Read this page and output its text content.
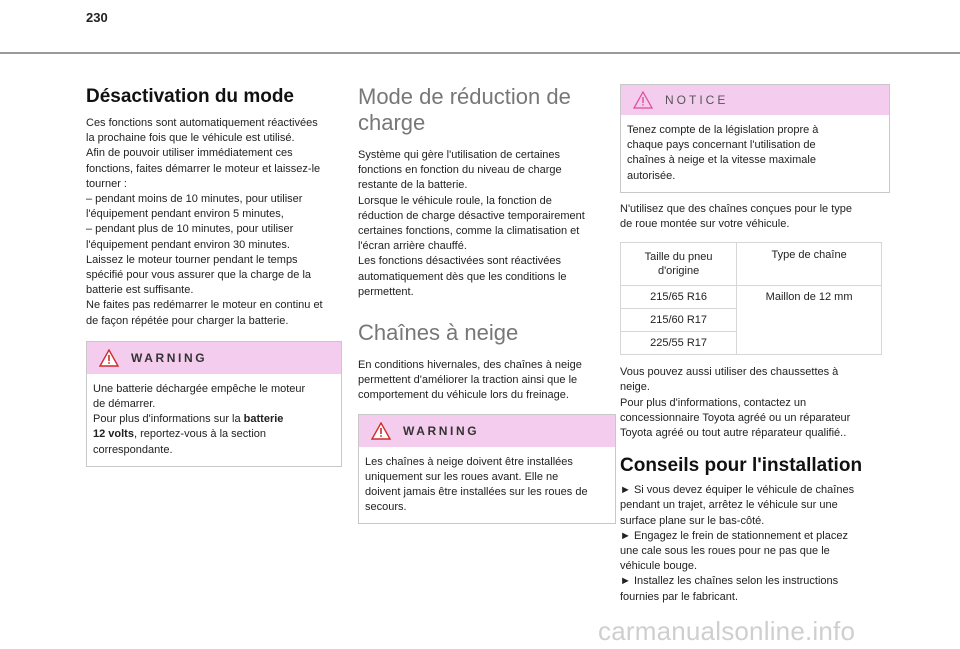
230
Désactivation du mode
Ces fonctions sont automatiquement réactivées
la prochaine fois que le véhicule est utilisé.
Afin de pouvoir utiliser immédiatement ces
fonctions, faites démarrer le moteur et laissez-le
tourner :
– pendant moins de 10 minutes, pour utiliser
l'équipement pendant environ 5 minutes,
– pendant plus de 10 minutes, pour utiliser
l'équipement pendant environ 30 minutes.
Laissez le moteur tourner pendant le temps
spécifié pour vous assurer que la charge de la
batterie est suffisante.
Ne faites pas redémarrer le moteur en continu et
de façon répétée pour charger la batterie.
WARNING
Une batterie déchargée empêche le moteur
de démarrer.
Pour plus d'informations sur la batterie
12 volts, reportez-vous à la section
correspondante.
Mode de réduction de
charge
Système qui gère l'utilisation de certaines
fonctions en fonction du niveau de charge
restante de la batterie.
Lorsque le véhicule roule, la fonction de
réduction de charge désactive temporairement
certaines fonctions, comme la climatisation et
l'écran arrière chauffé.
Les fonctions désactivées sont réactivées
automatiquement dès que les conditions le
permettent.
Chaînes à neige
En conditions hivernales, des chaînes à neige
permettent d'améliorer la traction ainsi que le
comportement du véhicule lors du freinage.
WARNING
Les chaînes à neige doivent être installées
uniquement sur les roues avant. Elle ne
doivent jamais être installées sur les roues de
secours.
NOTICE
Tenez compte de la législation propre à
chaque pays concernant l'utilisation de
chaînes à neige et la vitesse maximale
autorisée.
N'utilisez que des chaînes conçues pour le type
de roue montée sur votre véhicule.
Taille du pneu
d'origine	Type de chaîne
215/65 R16	Maillon de 12 mm
215/60 R17	
225/55 R17	
Vous pouvez aussi utiliser des chaussettes à
neige.
Pour plus d'informations, contactez un
concessionnaire Toyota agréé ou un réparateur
Toyota agréé ou tout autre réparateur qualifié..
Conseils pour l'installation
► Si vous devez équiper le véhicule de chaînes
pendant un trajet, arrêtez le véhicule sur une
surface plane sur le bas-côté.
► Engagez le frein de stationnement et placez
une cale sous les roues pour ne pas que le
véhicule bouge.
► Installez les chaînes selon les instructions
fournies par le fabricant.
carmanualsonline.info
